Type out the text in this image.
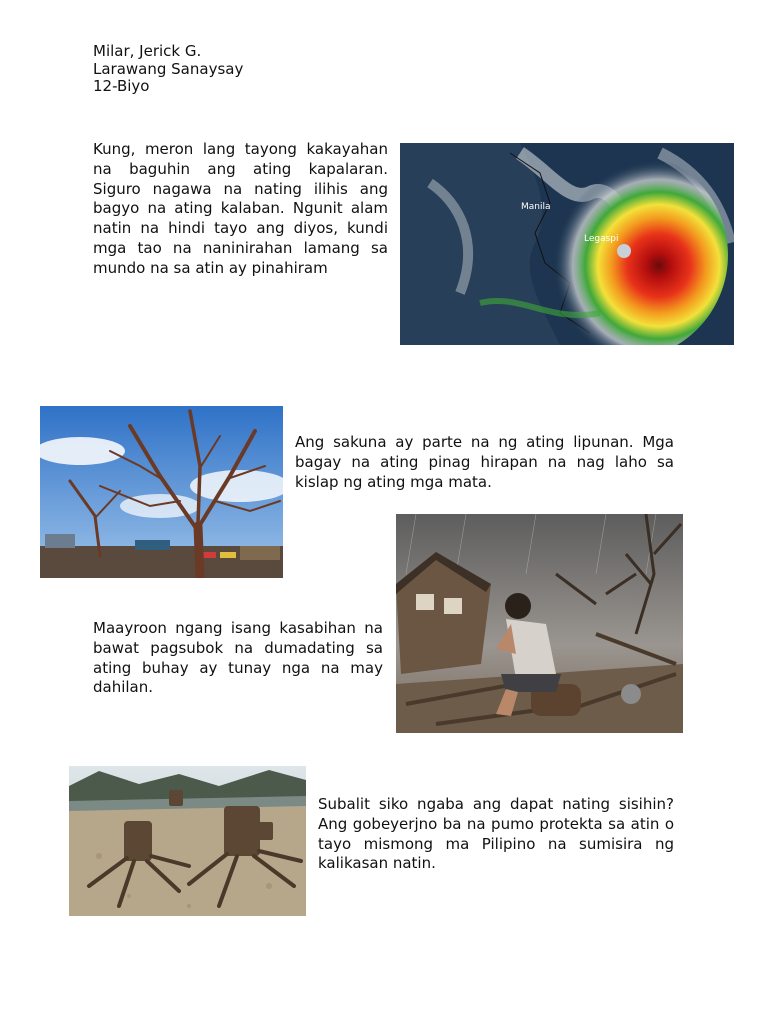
Milar, Jerick G.
Larawang Sanaysay
12-Biyo

Kung, meron lang tayong kakayahan na baguhin ang ating kapalaran. Siguro nagawa na nating ilihis ang bagyo na ating kalaban. Ngunit alam natin na hindi tayo ang diyos, kundi mga tao na naninirahan lamang sa mundo na sa atin ay pinahiram

Manila
Legaspi

Ang sakuna ay parte na ng ating lipunan. Mga bagay na ating pinag hirapan na nag laho sa kislap ng ating mga mata.

Maayroon ngang isang kasabihan na bawat pagsubok na dumadating sa ating buhay ay tunay nga na may dahilan.

Subalit siko ngaba ang dapat nating sisihin? Ang gobeyerjno ba na pumo protekta sa atin o tayo mismong ma Pilipino na sumisira ng kalikasan natin.
